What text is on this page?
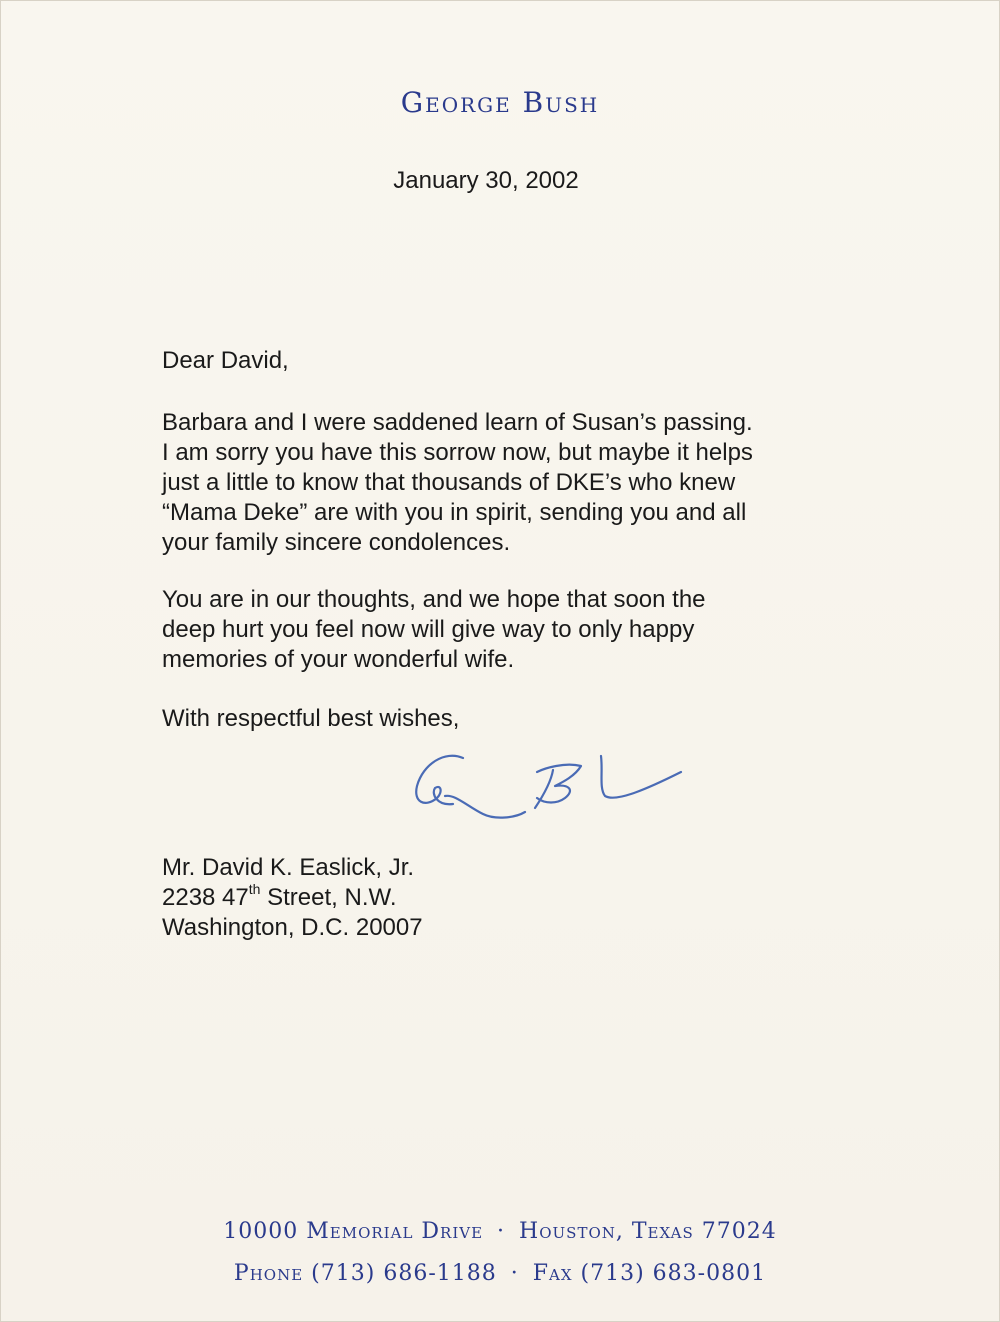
George Bush
January 30, 2002
Dear David,
Barbara and I were saddened learn of Susan’s passing.
I am sorry you have this sorrow now, but maybe it helps
just a little to know that thousands of DKE’s who knew
“Mama Deke” are with you in spirit, sending you and all
your family sincere condolences.
You are in our thoughts, and we hope that soon the
deep hurt you feel now will give way to only happy
memories of your wonderful wife.
With respectful best wishes,
Mr. David K. Easlick, Jr.
2238 47th Street, N.W.
Washington, D.C. 20007
10000 Memorial Drive · Houston, Texas 77024
Phone (713) 686-1188 · Fax (713) 683-0801
